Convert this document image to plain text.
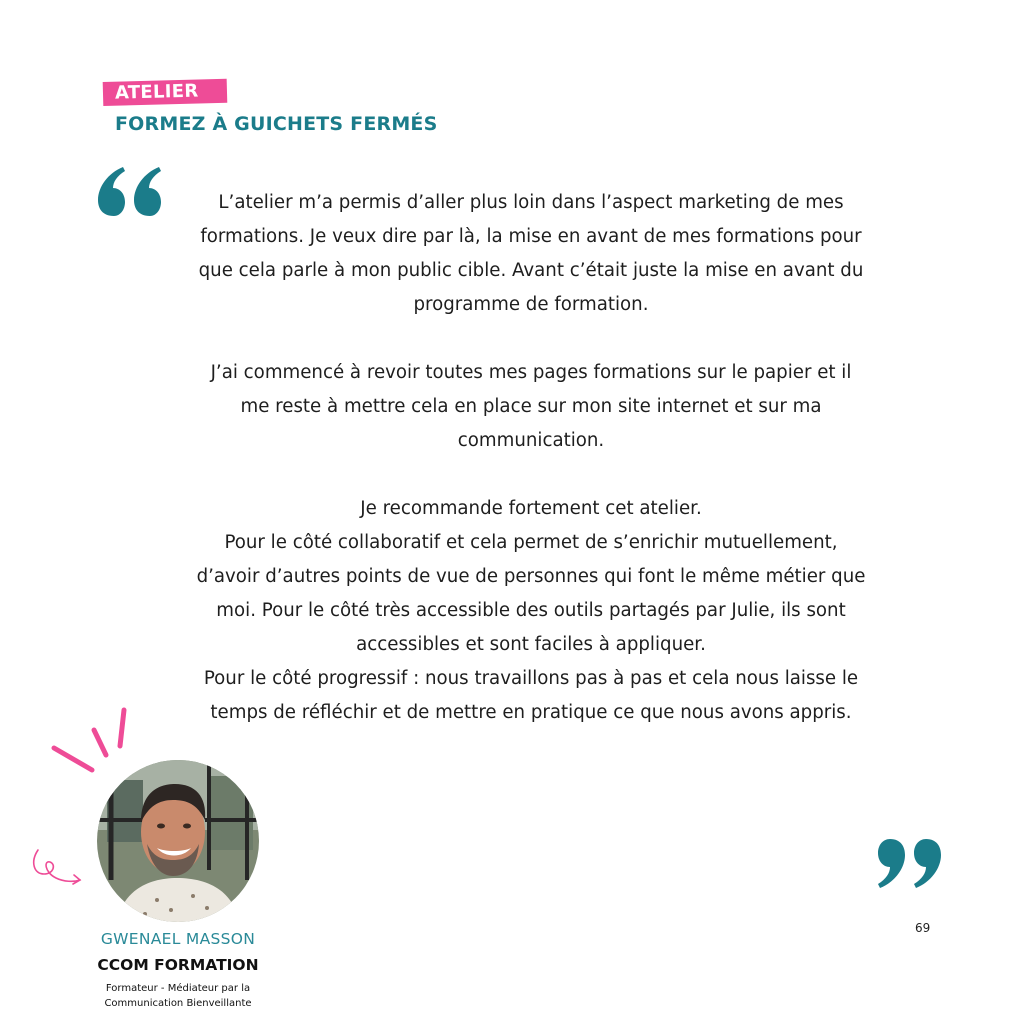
ATELIER
FORMEZ À GUICHETS FERMÉS

L’atelier m’a permis d’aller plus loin dans l’aspect marketing de mes

formations. Je veux dire par là, la mise en avant de mes formations pour

que cela parle à mon public cible. Avant c’était juste la mise en avant du

programme de formation.

J’ai commencé à revoir toutes mes pages formations sur le papier et il

me reste à mettre cela en place sur mon site internet et sur ma

communication.

Je recommande fortement cet atelier.

Pour le côté collaboratif et cela permet de s’enrichir mutuellement,

d’avoir d’autres points de vue de personnes qui font le même métier que

moi. Pour le côté très accessible des outils partagés par Julie, ils sont

accessibles et sont faciles à appliquer.

Pour le côté progressif : nous travaillons pas à pas et cela nous laisse le

temps de réfléchir et de mettre en pratique ce que nous avons appris.

GWENAEL MASSON
CCOM FORMATION
Formateur - Médiateur par la
Communication Bienveillante
69
